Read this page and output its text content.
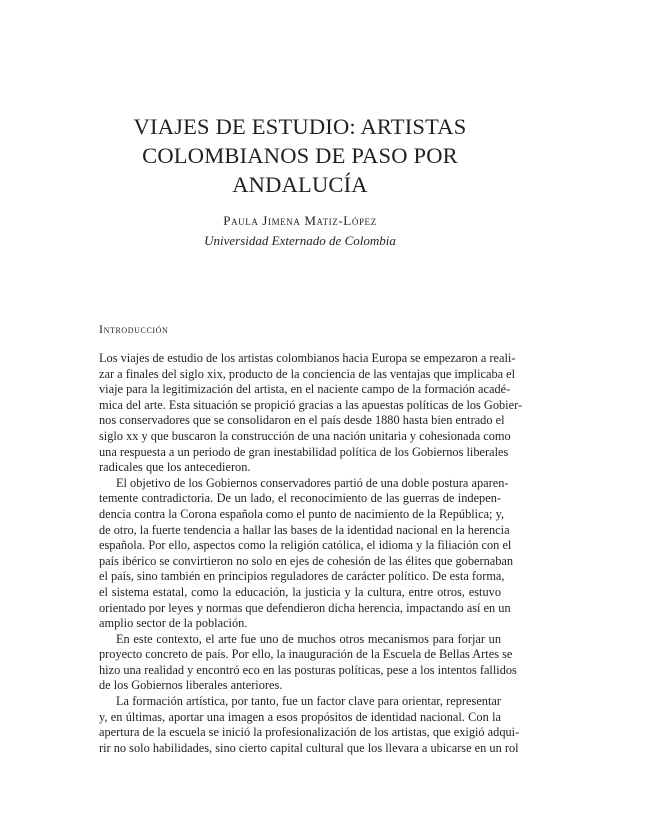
VIAJES DE ESTUDIO: ARTISTAS
COLOMBIANOS DE PASO POR
ANDALUCÍA
Paula Jimena Matiz-López
Universidad Externado de Colombia
Introducción
Los viajes de estudio de los artistas colombianos hacia Europa se empezaron a reali-
zar a finales del siglo xix, producto de la conciencia de las ventajas que implicaba el
viaje para la legitimización del artista, en el naciente campo de la formación acadé-
mica del arte. Esta situación se propició gracias a las apuestas políticas de los Gobier-
nos conservadores que se consolidaron en el país desde 1880 hasta bien entrado el
siglo xx y que buscaron la construcción de una nación unitaria y cohesionada como
una respuesta a un periodo de gran inestabilidad política de los Gobiernos liberales
radicales que los antecedieron.
El objetivo de los Gobiernos conservadores partió de una doble postura aparen-
temente contradictoria. De un lado, el reconocimiento de las guerras de indepen-
dencia contra la Corona española como el punto de nacimiento de la República; y,
de otro, la fuerte tendencia a hallar las bases de la identidad nacional en la herencia
española. Por ello, aspectos como la religión católica, el idioma y la filiación con el
país ibérico se convirtieron no solo en ejes de cohesión de las élites que gobernaban
el país, sino también en principios reguladores de carácter político. De esta forma,
el sistema estatal, como la educación, la justicia y la cultura, entre otros, estuvo
orientado por leyes y normas que defendieron dicha herencia, impactando así en un
amplio sector de la población.
En este contexto, el arte fue uno de muchos otros mecanismos para forjar un
proyecto concreto de país. Por ello, la inauguración de la Escuela de Bellas Artes se
hizo una realidad y encontró eco en las posturas políticas, pese a los intentos fallidos
de los Gobiernos liberales anteriores.
La formación artística, por tanto, fue un factor clave para orientar, representar
y, en últimas, aportar una imagen a esos propósitos de identidad nacional. Con la
apertura de la escuela se inició la profesionalización de los artistas, que exigió adqui-
rir no solo habilidades, sino cierto capital cultural que los llevara a ubicarse en un rol
